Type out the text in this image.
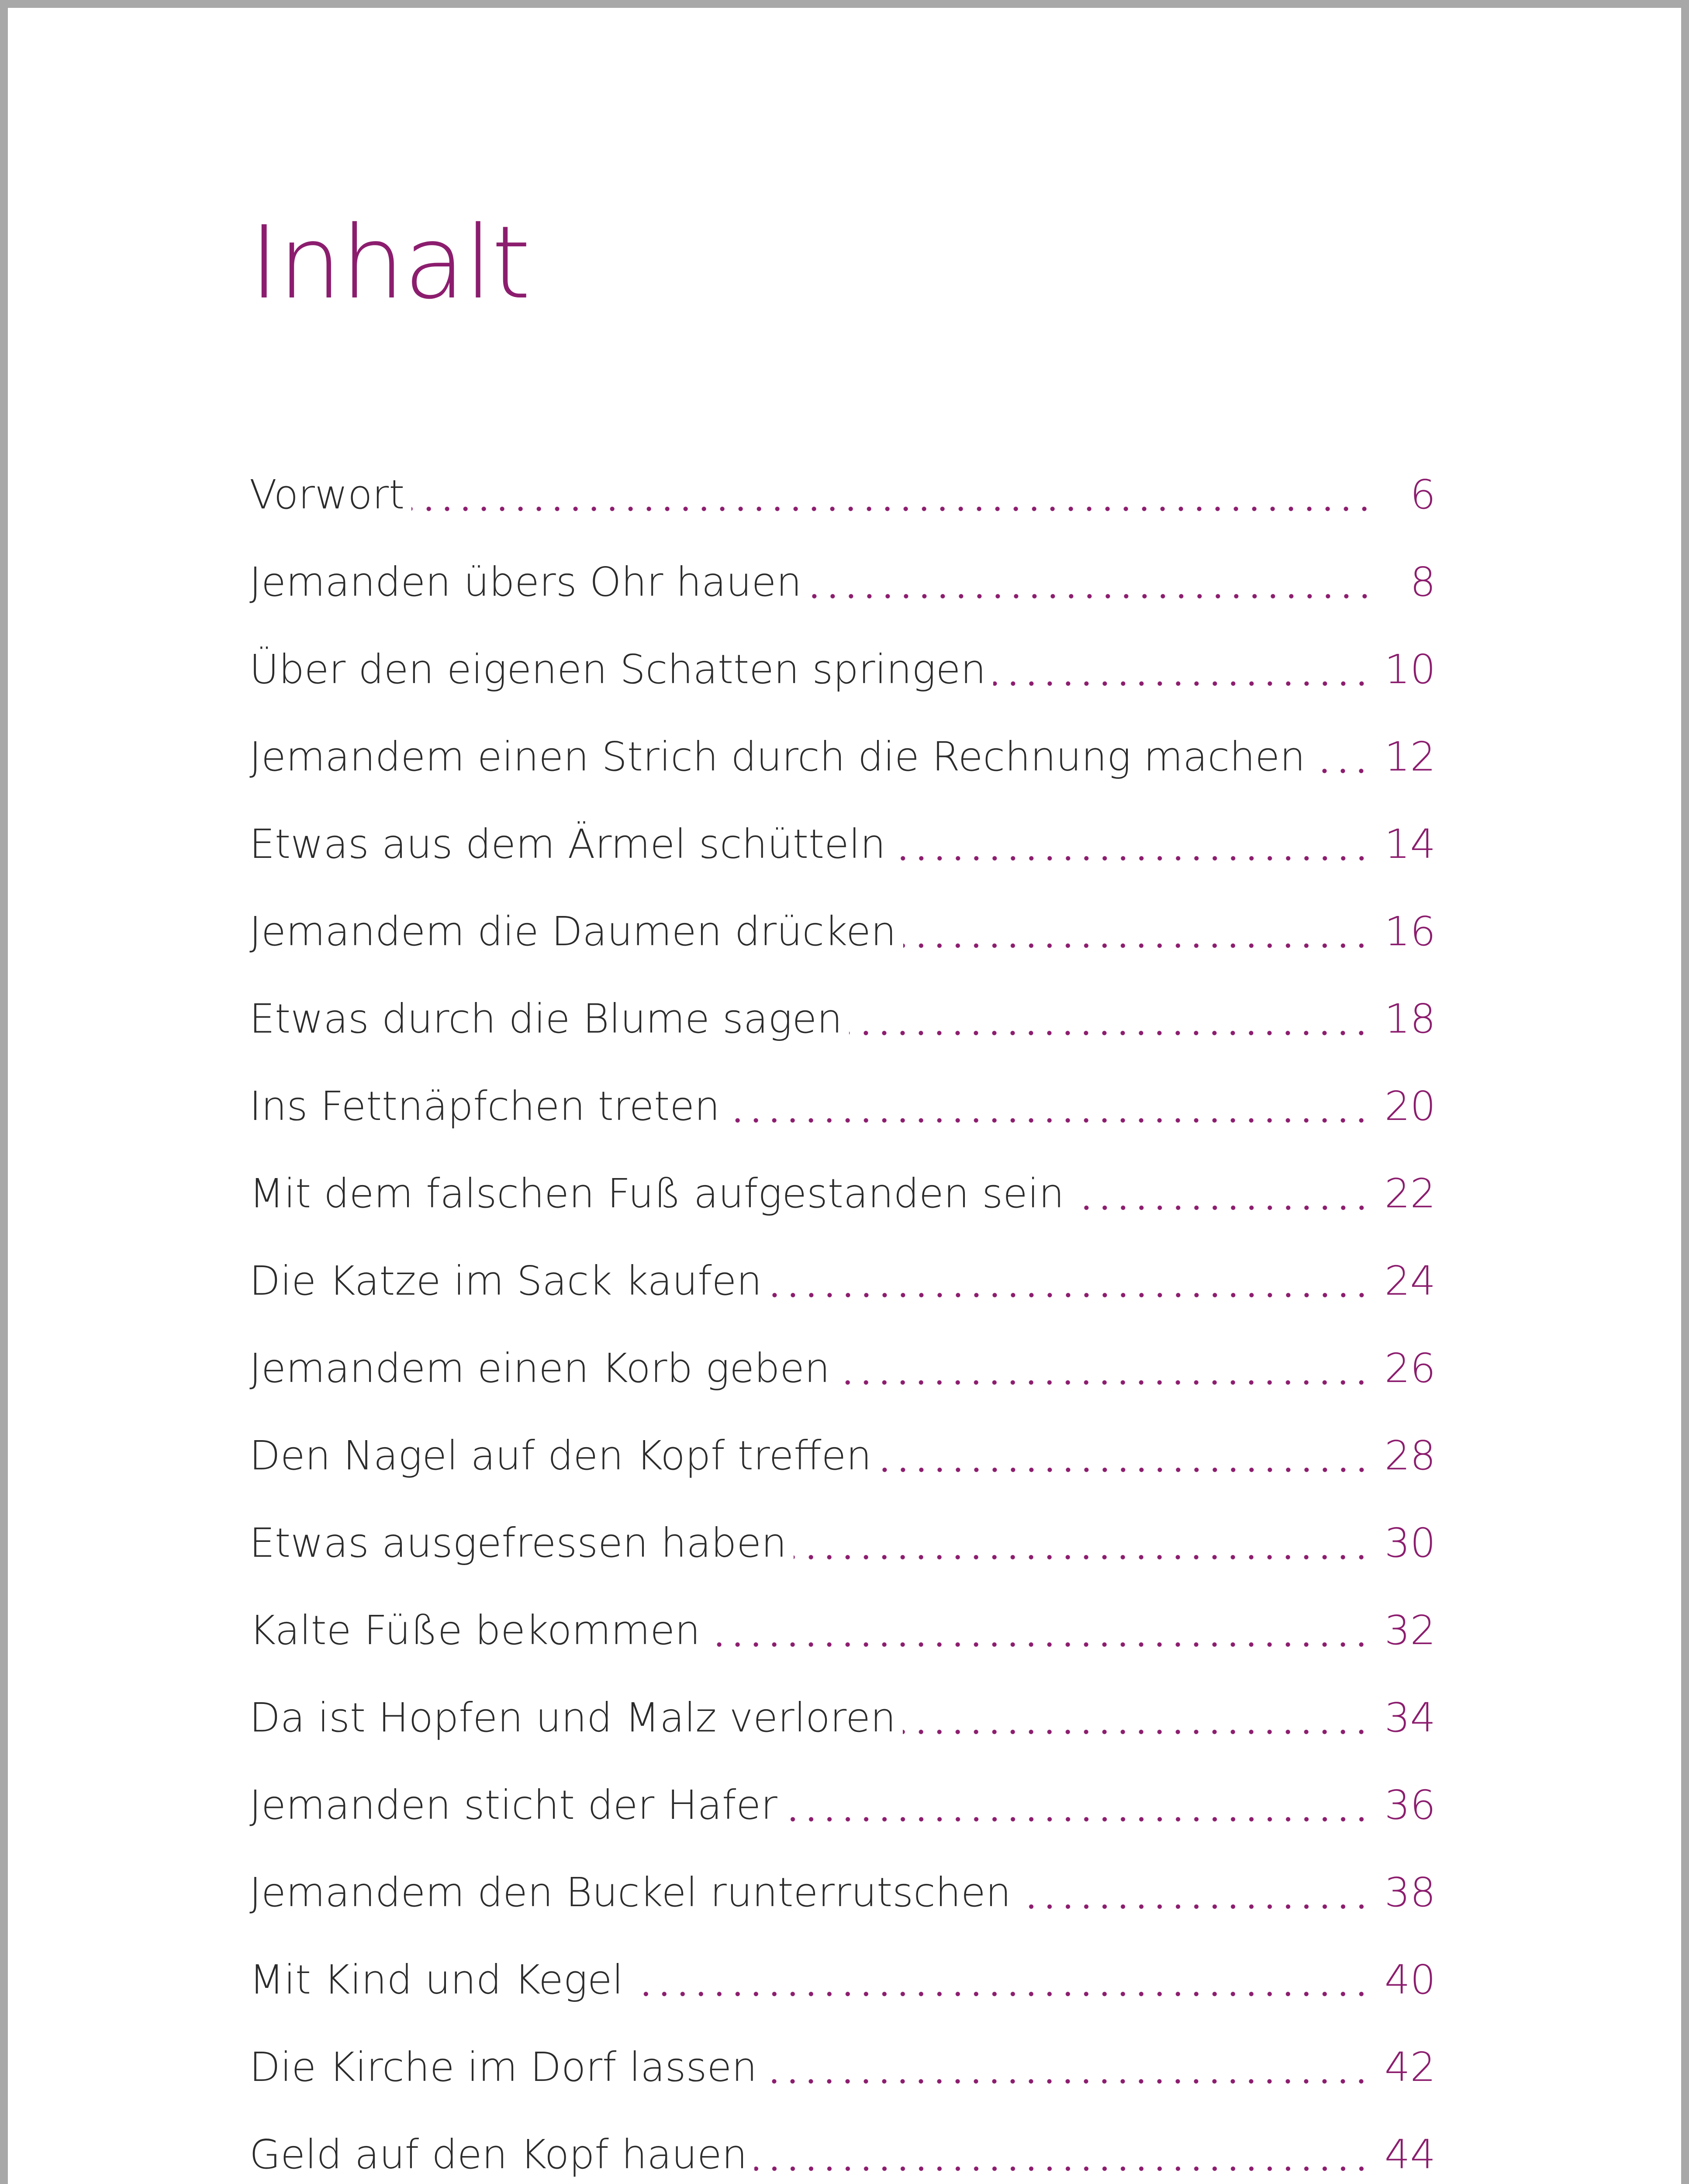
Inhalt
Vorwort	6
Jemanden übers Ohr hauen	8
Über den eigenen Schatten springen	10
Jemandem einen Strich durch die Rechnung machen 12
Etwas aus dem Ärmel schütteln	14
Jemandem die Daumen drücken	16
Etwas durch die Blume sagen	18
Ins Fettnäpfchen treten	20
Mit dem falschen Fuß aufgestanden sein	22
Die Katze im Sack kaufen	24
Jemandem einen Korb geben	26
Den Nagel auf den Kopf treffen	28
Etwas ausgefressen haben	30
Kalte Füße bekommen	32
Da ist Hopfen und Malz verloren	34
Jemanden sticht der Hafer	36
Jemandem den Buckel runterrutschen	38
Mit Kind und Kegel	40
Die Kirche im Dorf lassen	42
Geld auf den Kopf hauen	44
